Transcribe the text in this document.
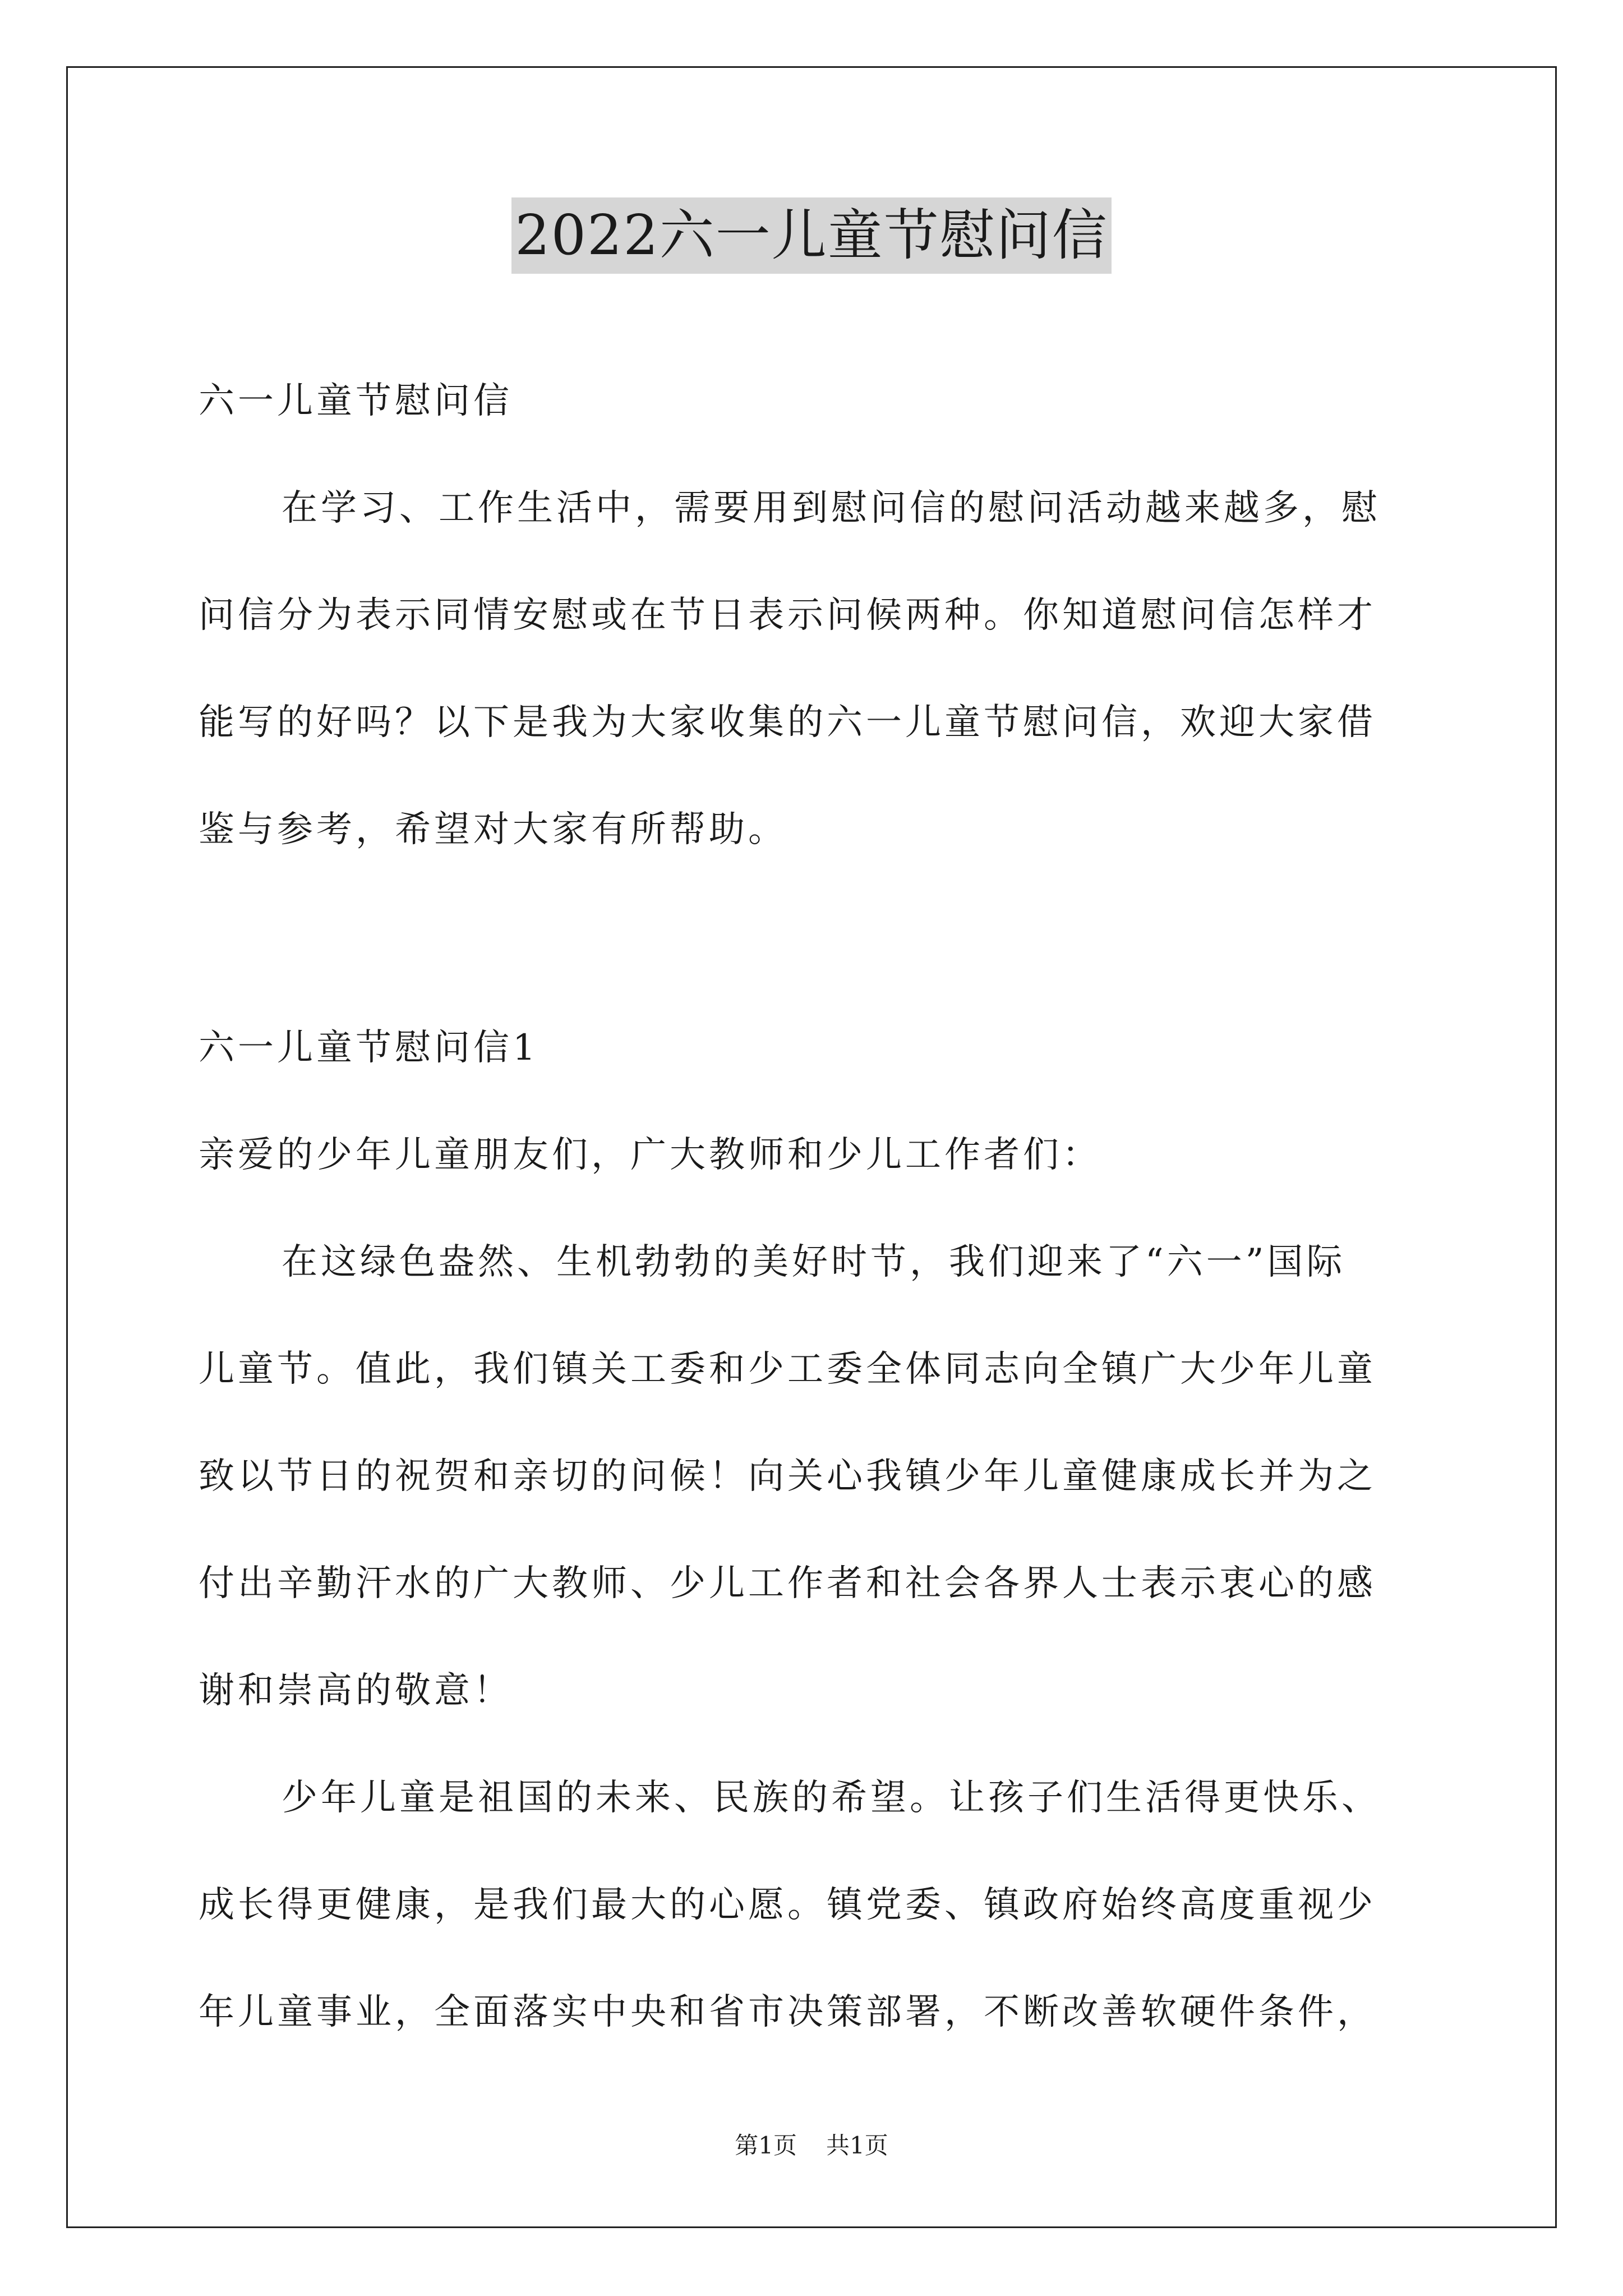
2022六一儿童节慰问信
六一儿童节慰问信
在学习、工作生活中，需要用到慰问信的慰问活动越来越多，慰
问信分为表示同情安慰或在节日表示问候两种。你知道慰问信怎样才
能写的好吗？以下是我为大家收集的六一儿童节慰问信，欢迎大家借
鉴与参考，希望对大家有所帮助。
六一儿童节慰问信1
亲爱的少年儿童朋友们，广大教师和少儿工作者们：
在这绿色盎然、生机勃勃的美好时节，我们迎来了“六一”国际
儿童节。值此，我们镇关工委和少工委全体同志向全镇广大少年儿童
致以节日的祝贺和亲切的问候！向关心我镇少年儿童健康成长并为之
付出辛勤汗水的广大教师、少儿工作者和社会各界人士表示衷心的感
谢和崇高的敬意！
少年儿童是祖国的未来、民族的希望。让孩子们生活得更快乐、
成长得更健康，是我们最大的心愿。镇党委、镇政府始终高度重视少
年儿童事业，全面落实中央和省市决策部署，不断改善软硬件条件，
第1页 共1页
